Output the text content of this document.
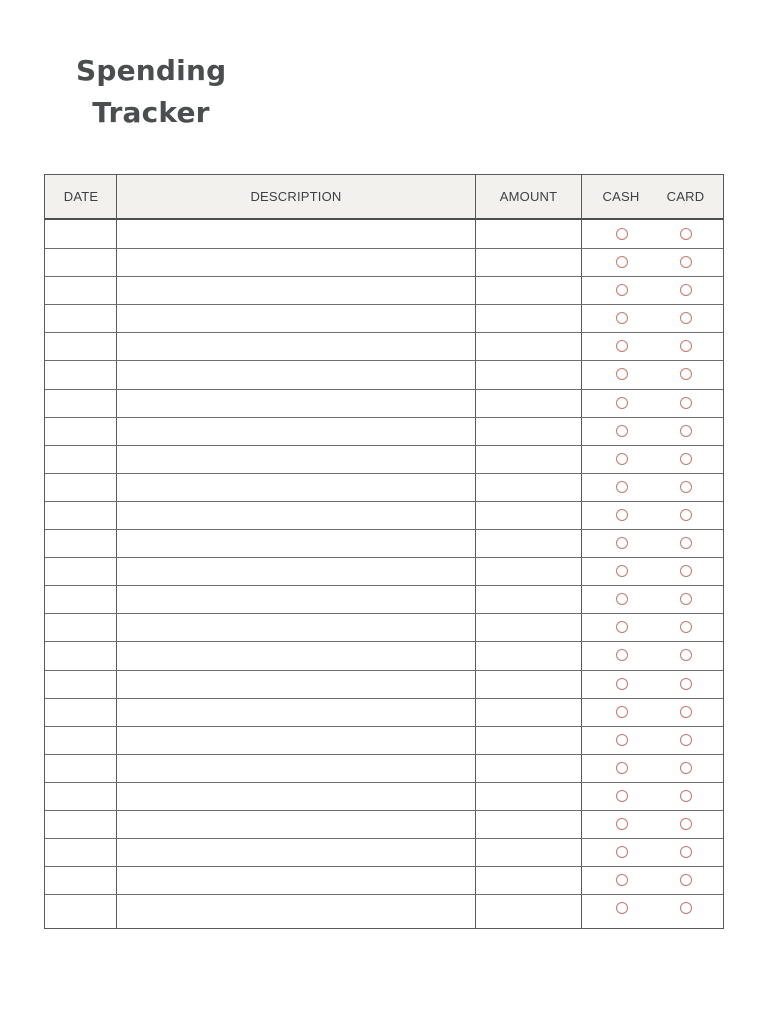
Spending
Tracker
DATE	DESCRIPTION	AMOUNT	CASH	CARD
